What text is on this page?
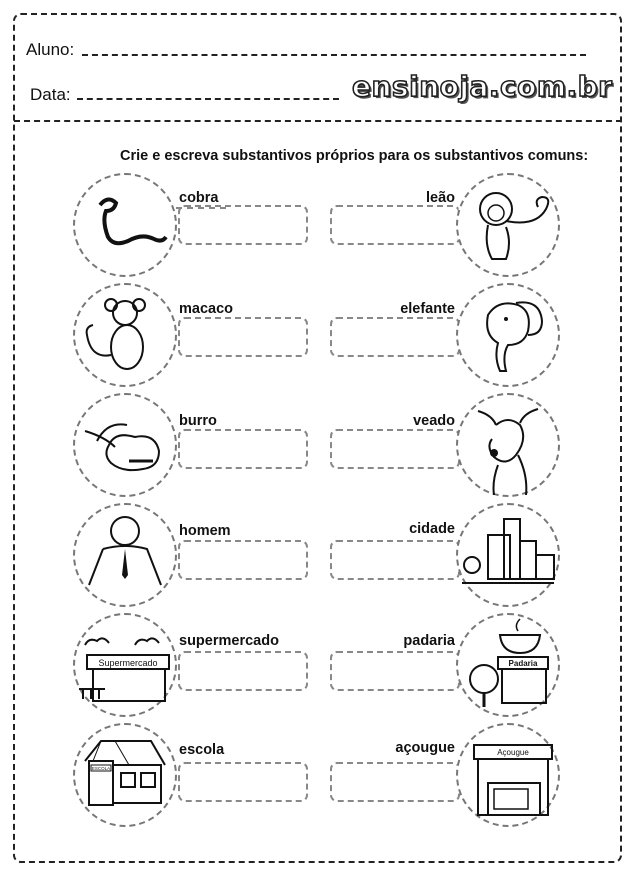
Aluno:
Data:	ensinoja.com.br
Crie e escreva substantivos próprios para os substantivos comuns:
cobra	leão
macaco	elefante
burro	veado
homem	cidade
Supermercado
supermercado	padaria
Padaria
ESCOLA
escola	açougue	Açougue
